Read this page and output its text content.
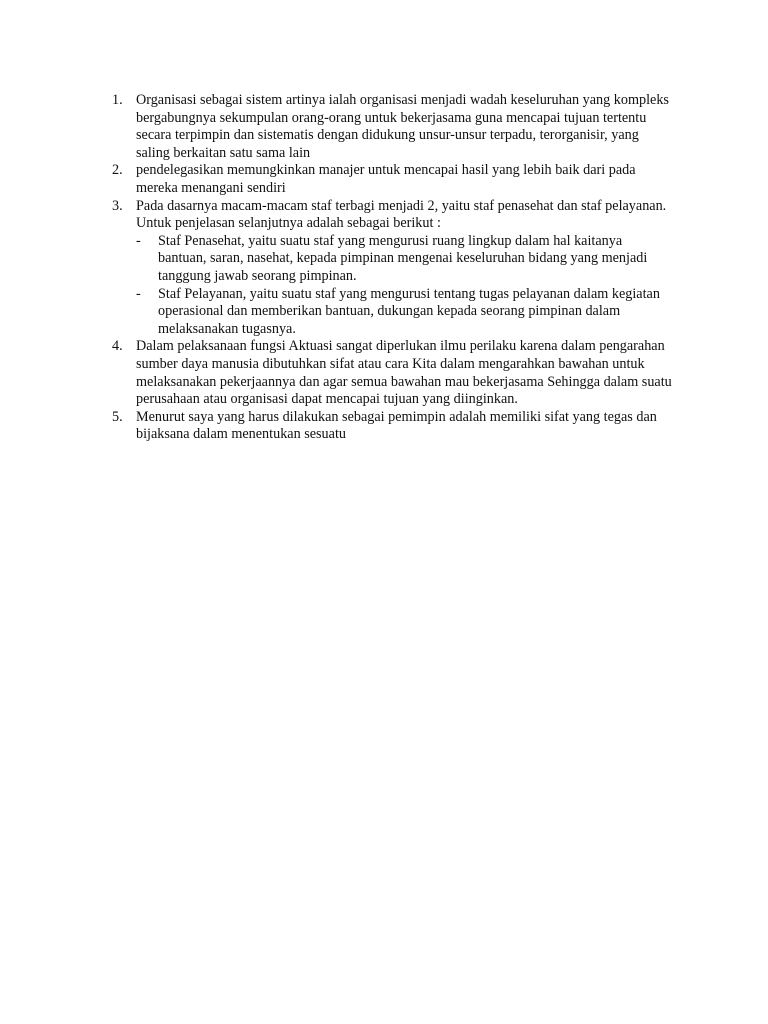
1. Organisasi sebagai sistem artinya ialah organisasi menjadi wadah keseluruhan yang kompleks bergabungnya sekumpulan orang-orang untuk bekerjasama guna mencapai tujuan tertentu secara terpimpin dan sistematis dengan didukung unsur-unsur terpadu, terorganisir, yang saling berkaitan satu sama lain

2. pendelegasikan memungkinkan manajer untuk mencapai hasil yang lebih baik dari pada mereka menangani sendiri

3. Pada dasarnya macam-macam staf terbagi menjadi 2, yaitu staf penasehat dan staf pelayanan. Untuk penjelasan selanjutnya adalah sebagai berikut :

- Staf Penasehat, yaitu suatu staf yang mengurusi ruang lingkup dalam hal kaitanya bantuan, saran, nasehat, kepada pimpinan mengenai keseluruhan bidang yang menjadi tanggung jawab seorang pimpinan.

- Staf Pelayanan, yaitu suatu staf yang mengurusi tentang tugas pelayanan dalam kegiatan operasional dan memberikan bantuan, dukungan kepada seorang pimpinan dalam melaksanakan tugasnya.

4. Dalam pelaksanaan fungsi Aktuasi sangat diperlukan ilmu perilaku karena dalam pengarahan sumber daya manusia dibutuhkan sifat atau cara Kita dalam mengarahkan bawahan untuk melaksanakan pekerjaannya dan agar semua bawahan mau bekerjasama Sehingga dalam suatu perusahaan atau organisasi dapat mencapai tujuan yang diinginkan.

5. Menurut saya yang harus dilakukan sebagai pemimpin adalah memiliki sifat yang tegas dan bijaksana dalam menentukan sesuatu
